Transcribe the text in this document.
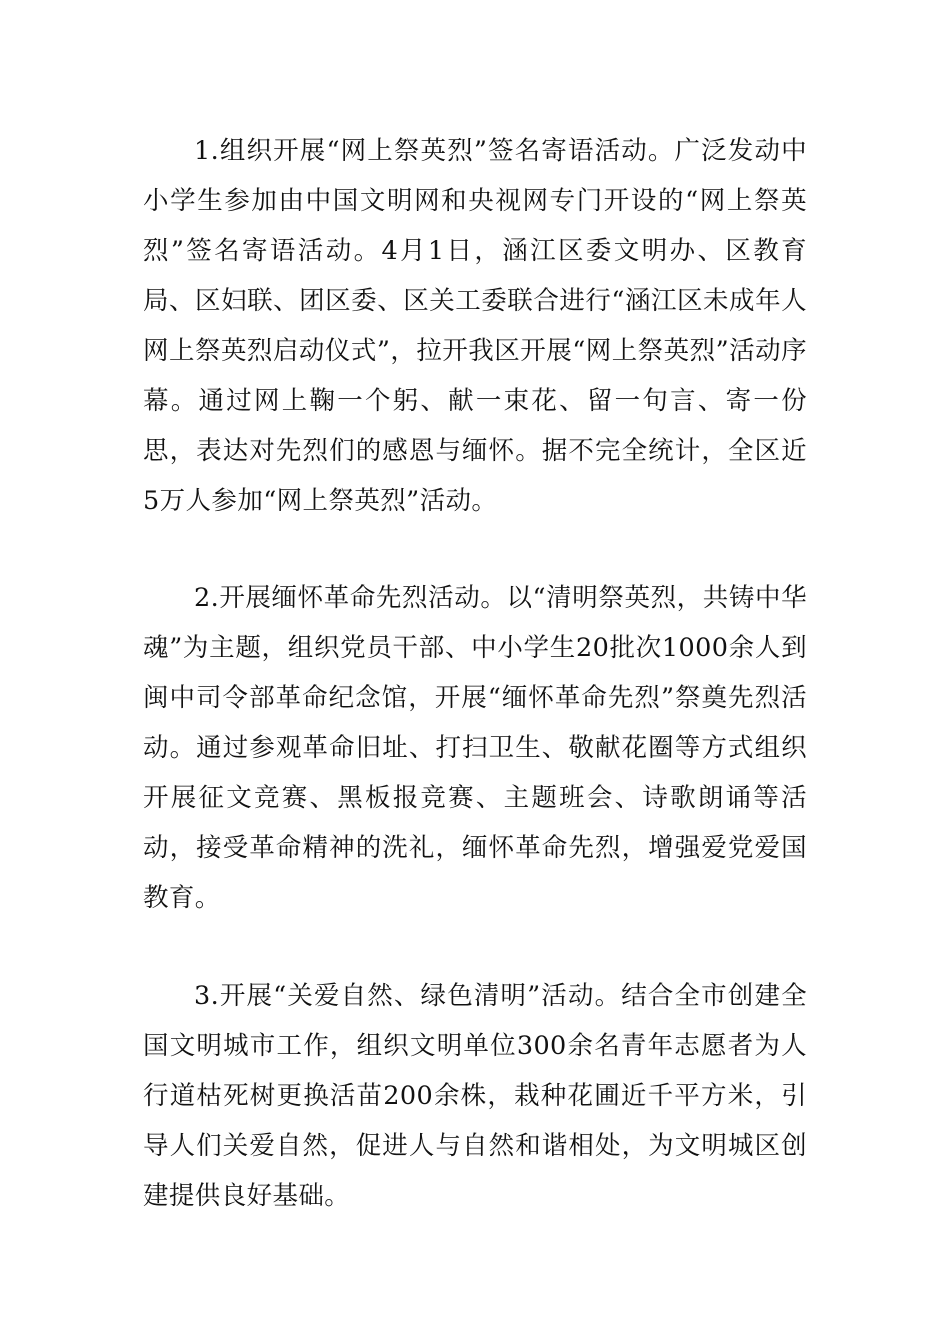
1.组织开展“网上祭英烈”签名寄语活动。广泛发动中小学生参加由中国文明网和央视网专门开设的“网上祭英烈”签名寄语活动。4月1日，涵江区委文明办、区教育局、区妇联、团区委、区关工委联合进行“涵江区未成年人网上祭英烈启动仪式”，拉开我区开展“网上祭英烈”活动序幕。通过网上鞠一个躬、献一束花、留一句言、寄一份思，表达对先烈们的感恩与缅怀。据不完全统计，全区近5万人参加“网上祭英烈”活动。

2.开展缅怀革命先烈活动。以“清明祭英烈，共铸中华魂”为主题，组织党员干部、中小学生20批次1000余人到闽中司令部革命纪念馆，开展“缅怀革命先烈”祭奠先烈活动。通过参观革命旧址、打扫卫生、敬献花圈等方式组织开展征文竞赛、黑板报竞赛、主题班会、诗歌朗诵等活动，接受革命精神的洗礼，缅怀革命先烈，增强爱党爱国教育。

3.开展“关爱自然、绿色清明”活动。结合全市创建全国文明城市工作，组织文明单位300余名青年志愿者为人行道枯死树更换活苗200余株，栽种花圃近千平方米，引导人们关爱自然，促进人与自然和谐相处，为文明城区创建提供良好基础。
